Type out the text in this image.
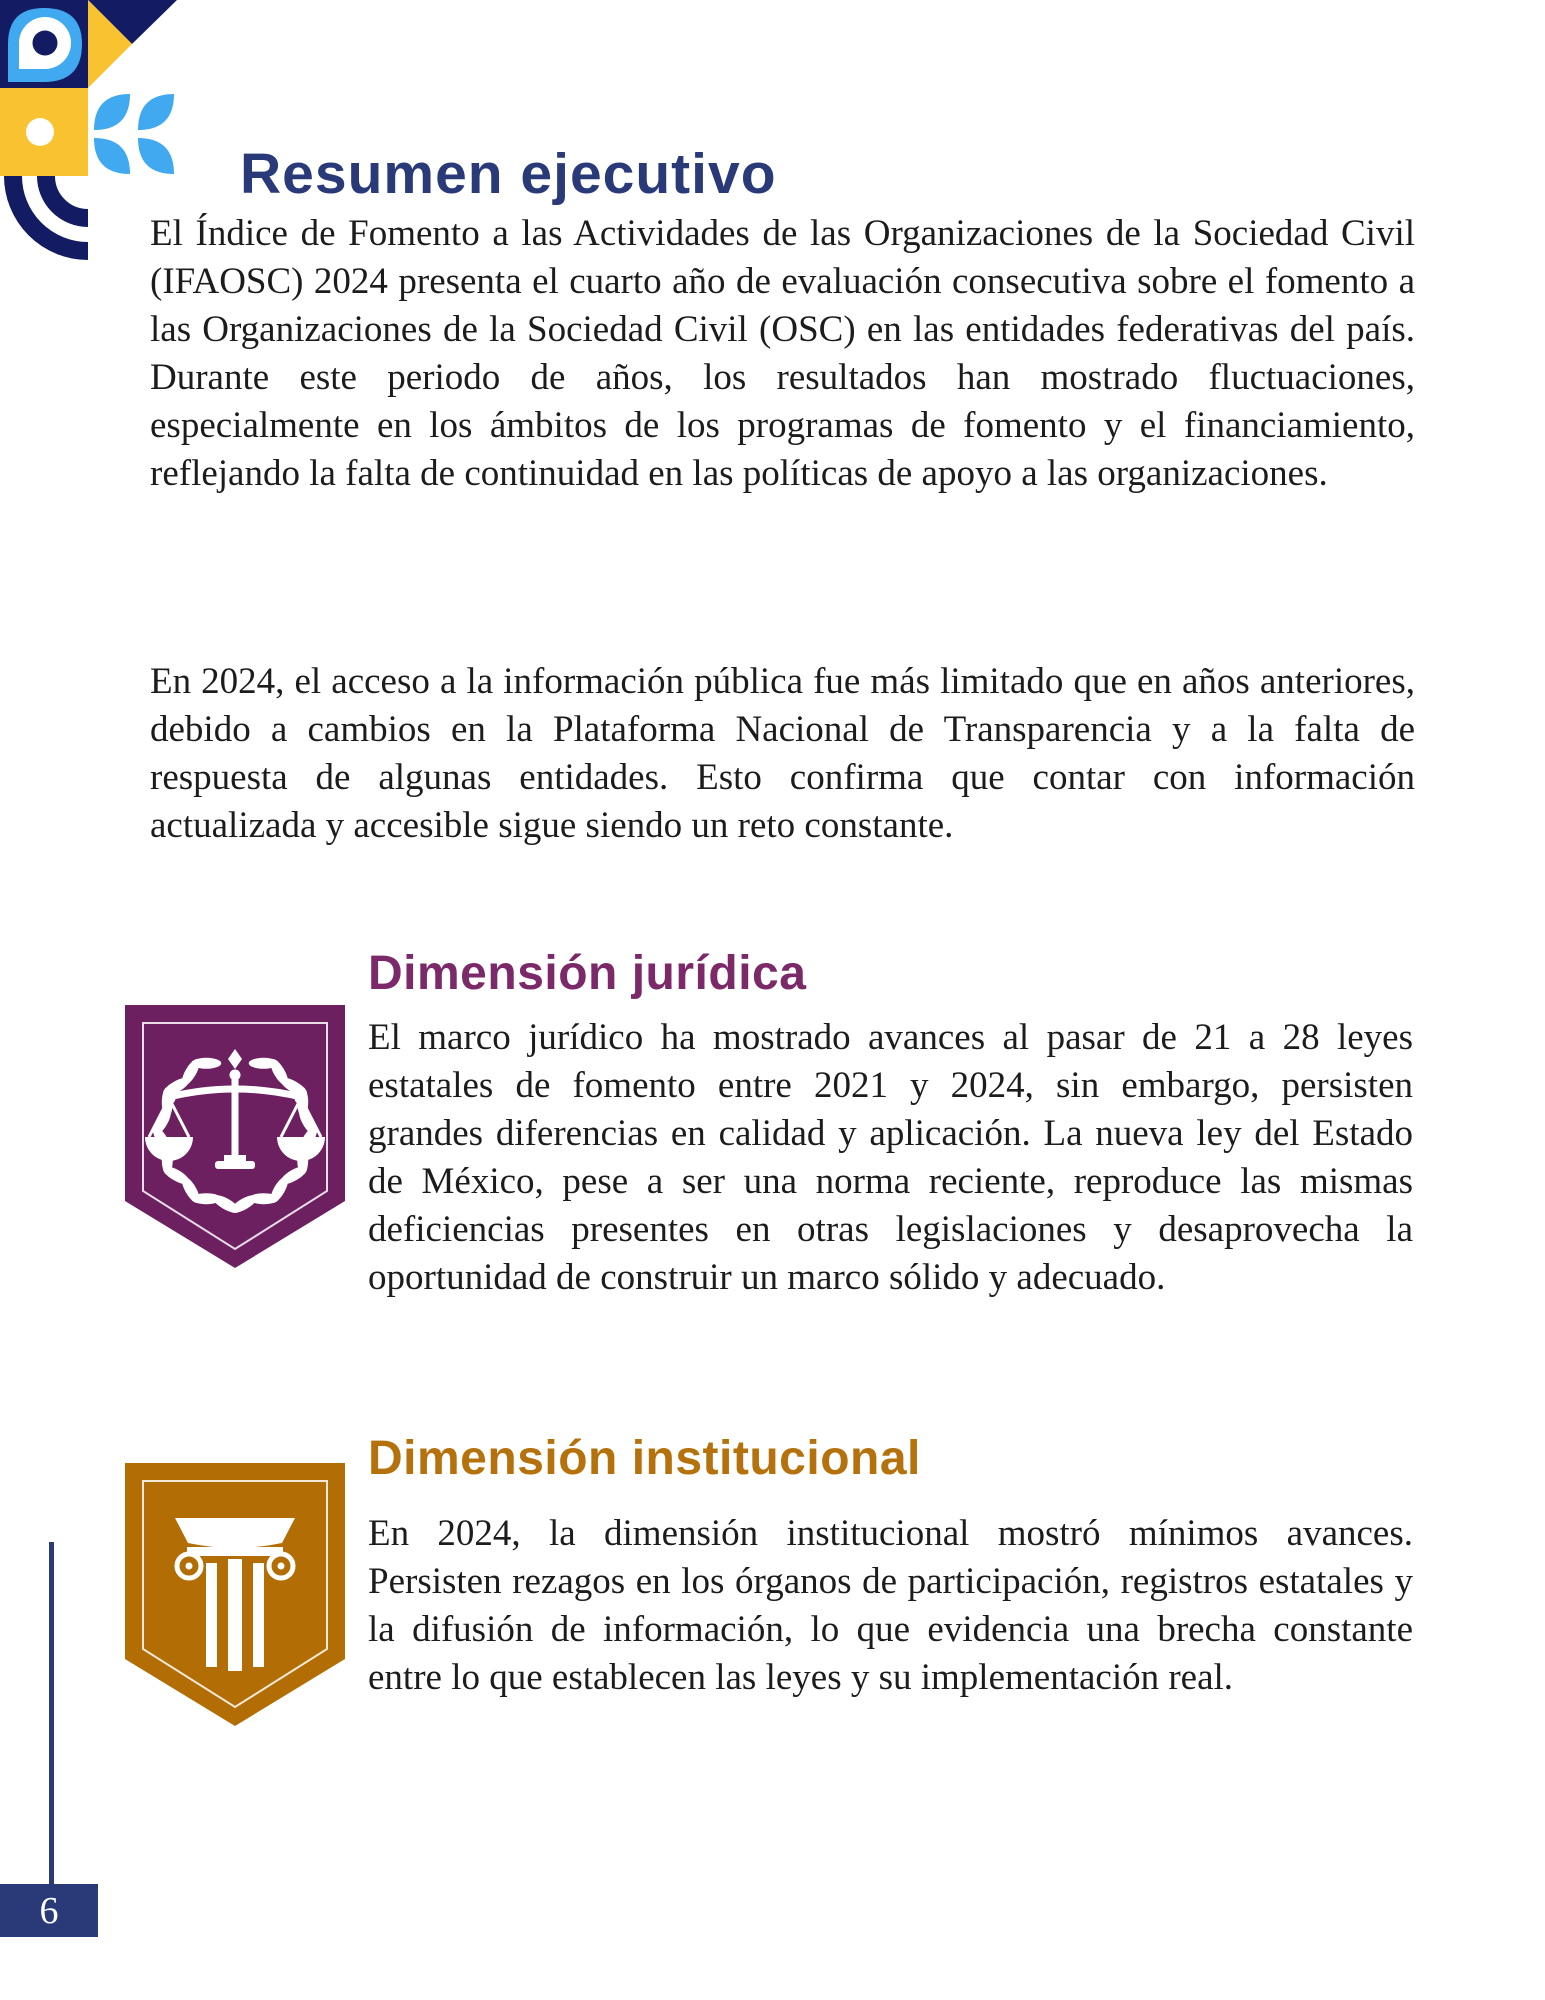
Resumen ejecutivo
El Índice de Fomento a las Actividades de las Organizaciones de la Sociedad Civil (IFAOSC) 2024 presenta el cuarto año de evaluación consecutiva sobre el fomento a las Organizaciones de la Sociedad Civil (OSC) en las entidades federativas del país. Durante este periodo de años, los resultados han mostrado fluctuaciones, especialmente en los ámbitos de los programas de fomento y el financiamiento, reflejando la falta de continuidad en las políticas de apoyo a las organizaciones.
En 2024, el acceso a la información pública fue más limitado que en años anteriores, debido a cambios en la Plataforma Nacional de Transparencia y a la falta de respuesta de algunas entidades. Esto confirma que contar con información actualizada y accesible sigue siendo un reto constante.
Dimensión jurídica
El marco jurídico ha mostrado avances al pasar de 21 a 28 leyes estatales de fomento entre 2021 y 2024, sin embargo, persisten grandes diferencias en calidad y aplicación. La nueva ley del Estado de México, pese a ser una norma reciente, reproduce las mismas deficiencias presentes en otras legislaciones y desaprovecha la oportunidad de construir un marco sólido y adecuado.
Dimensión institucional
En 2024, la dimensión institucional mostró mínimos avances. Persisten rezagos en los órganos de participación, registros estatales y la difusión de información, lo que evidencia una brecha constante entre lo que establecen las leyes y su implementación real.
6
